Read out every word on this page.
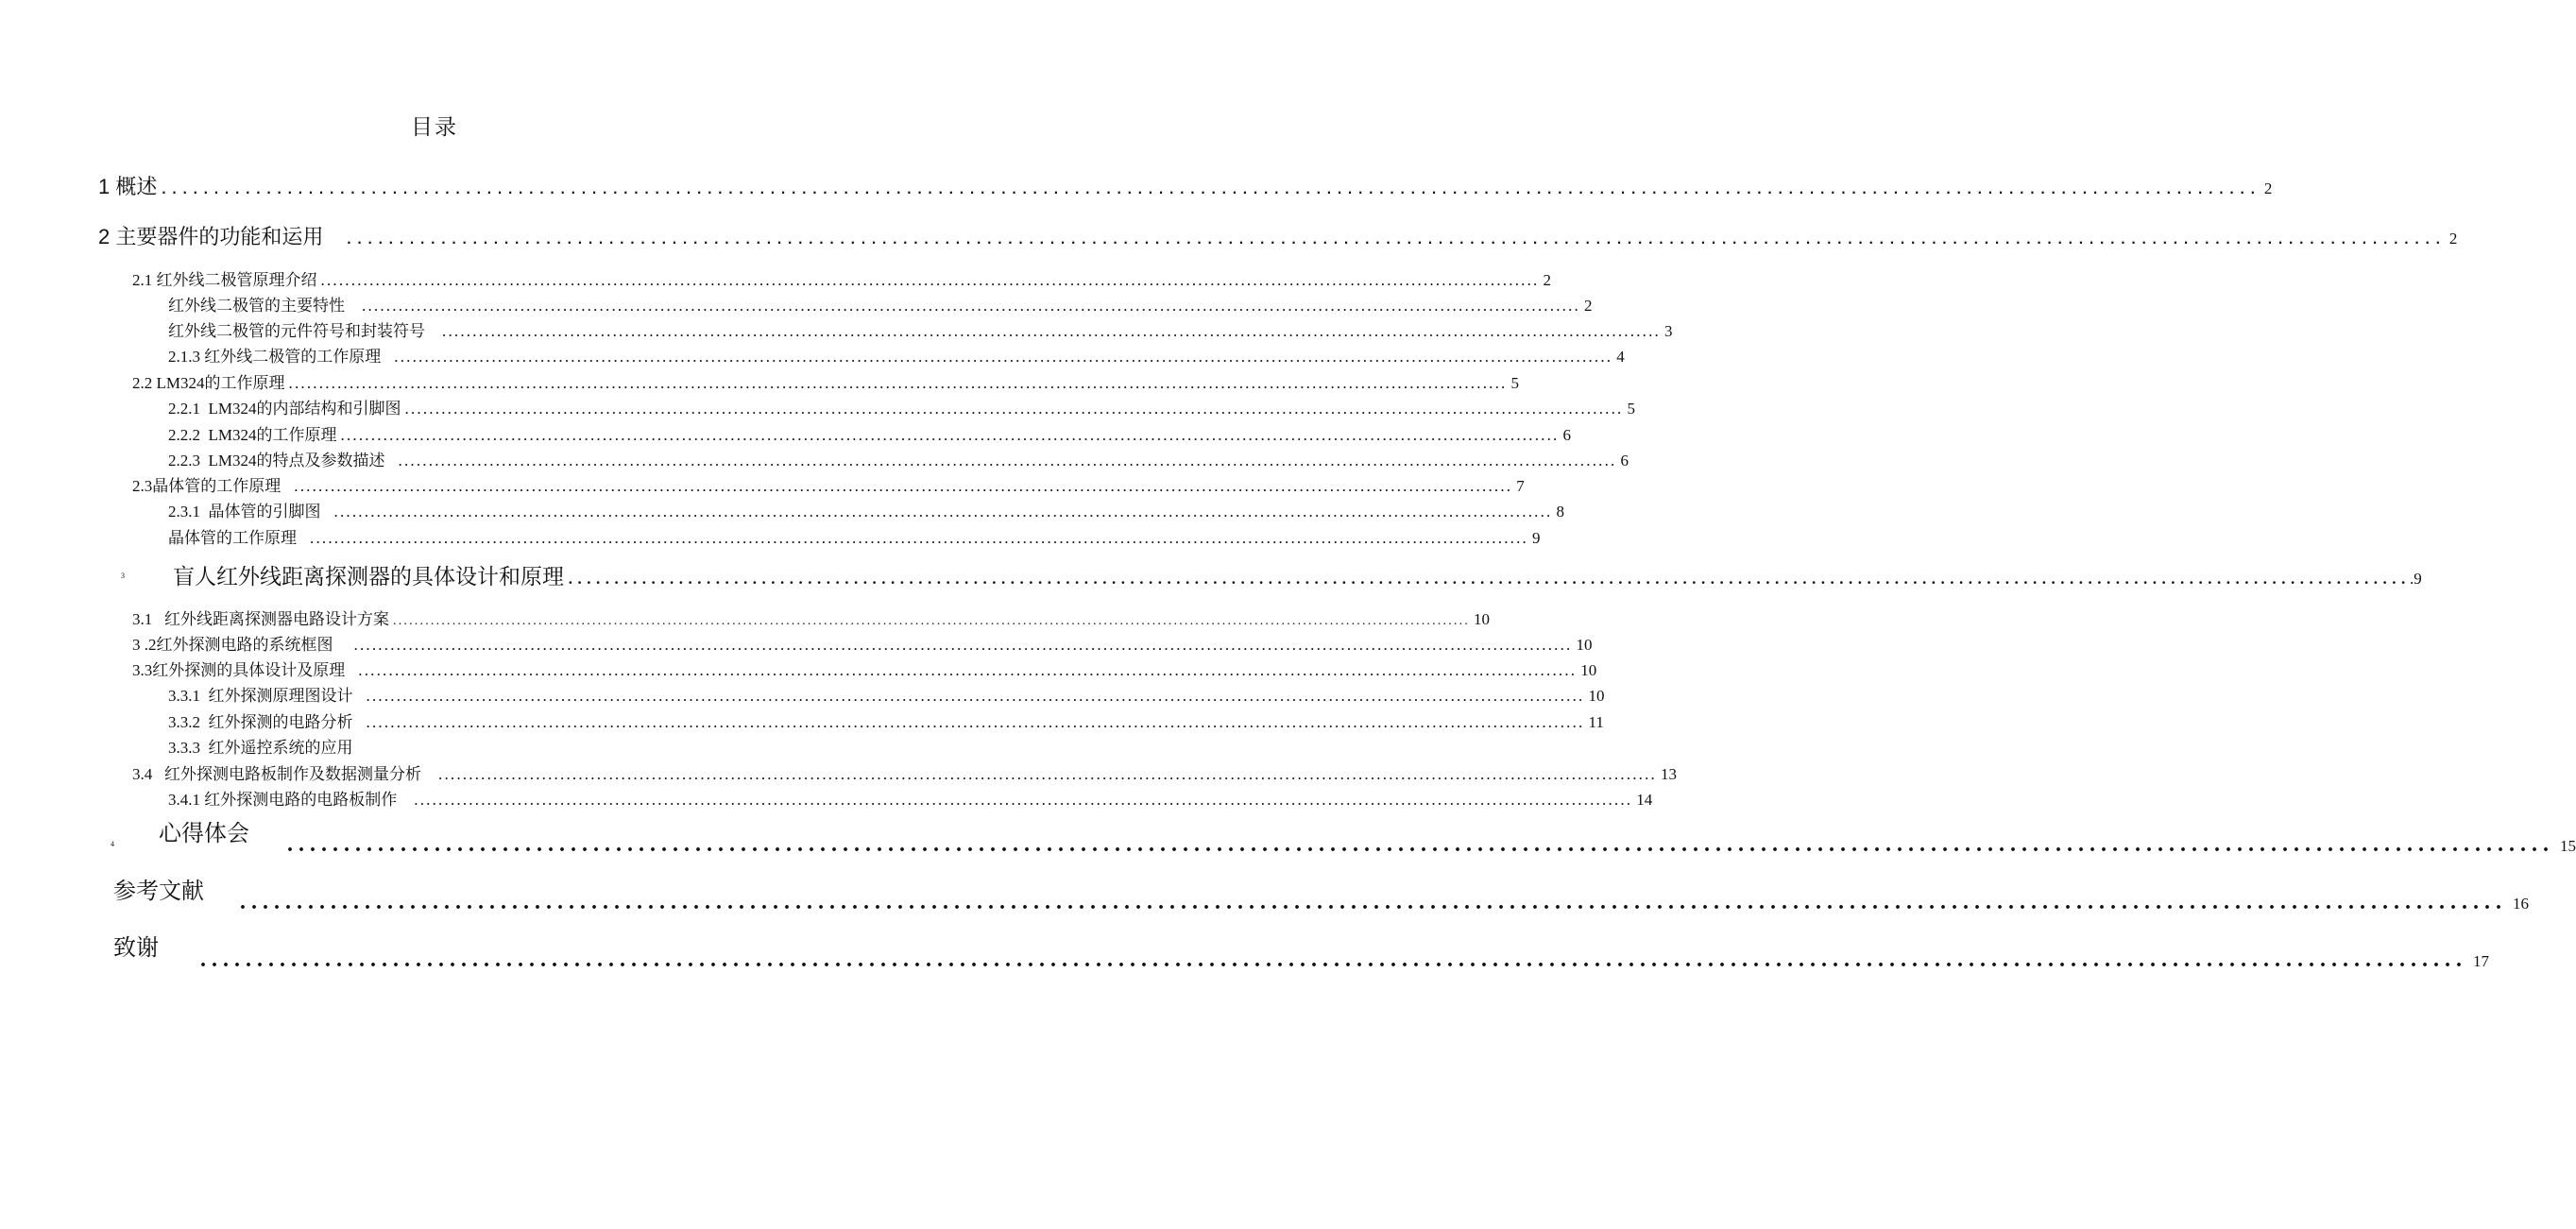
目录
1 概述 ........................................................................................................................................................................................................ 2
2 主要器件的功能和运用 ........................................................................................................................................................................................................ 2
2.1 红外线二极管原理介绍 ........................................................................................................................................................................................................ 2
红外线二极管的主要特性 ........................................................................................................................................................................................................ 2
红外线二极管的元件符号和封装符号 ........................................................................................................................................................................................................ 3
2.1.3 红外线二极管的工作原理 ........................................................................................................................................................................................................ 4
2.2 LM324的工作原理 ........................................................................................................................................................................................................ 5
2.2.1  LM324的内部结构和引脚图 ........................................................................................................................................................................................................ 5
2.2.2  LM324的工作原理 ........................................................................................................................................................................................................ 6
2.2.3  LM324的特点及参数描述 ........................................................................................................................................................................................................ 6
2.3晶体管的工作原理 ........................................................................................................................................................................................................ 7
2.3.1  晶体管的引脚图 ........................................................................................................................................................................................................ 8
晶体管的工作原理 ........................................................................................................................................................................................................ 9
3 盲人红外线距离探测器的具体设计和原理 ........................................................................................................................................................................................................ .9
3.1   红外线距离探测器电路设计方案 ........................................................................................................................................................................................................ 10
3 .2红外探测电路的系统框图 ........................................................................................................................................................................................................ 10
3.3红外探测的具体设计及原理 ........................................................................................................................................................................................................ 10
3.3.1  红外探测原理图设计 ........................................................................................................................................................................................................ 10
3.3.2  红外探测的电路分析 ........................................................................................................................................................................................................ 11
3.3.3  红外遥控系统的应用
3.4   红外探测电路板制作及数据测量分析 ........................................................................................................................................................................................................ 13
3.4.1 红外探测电路的电路板制作 ........................................................................................................................................................................................................ 14
4 心得体会 ........................................................................................................................................................................................................ 15
参考文献 ........................................................................................................................................................................................................ 16
致谢 ........................................................................................................................................................................................................ 17
